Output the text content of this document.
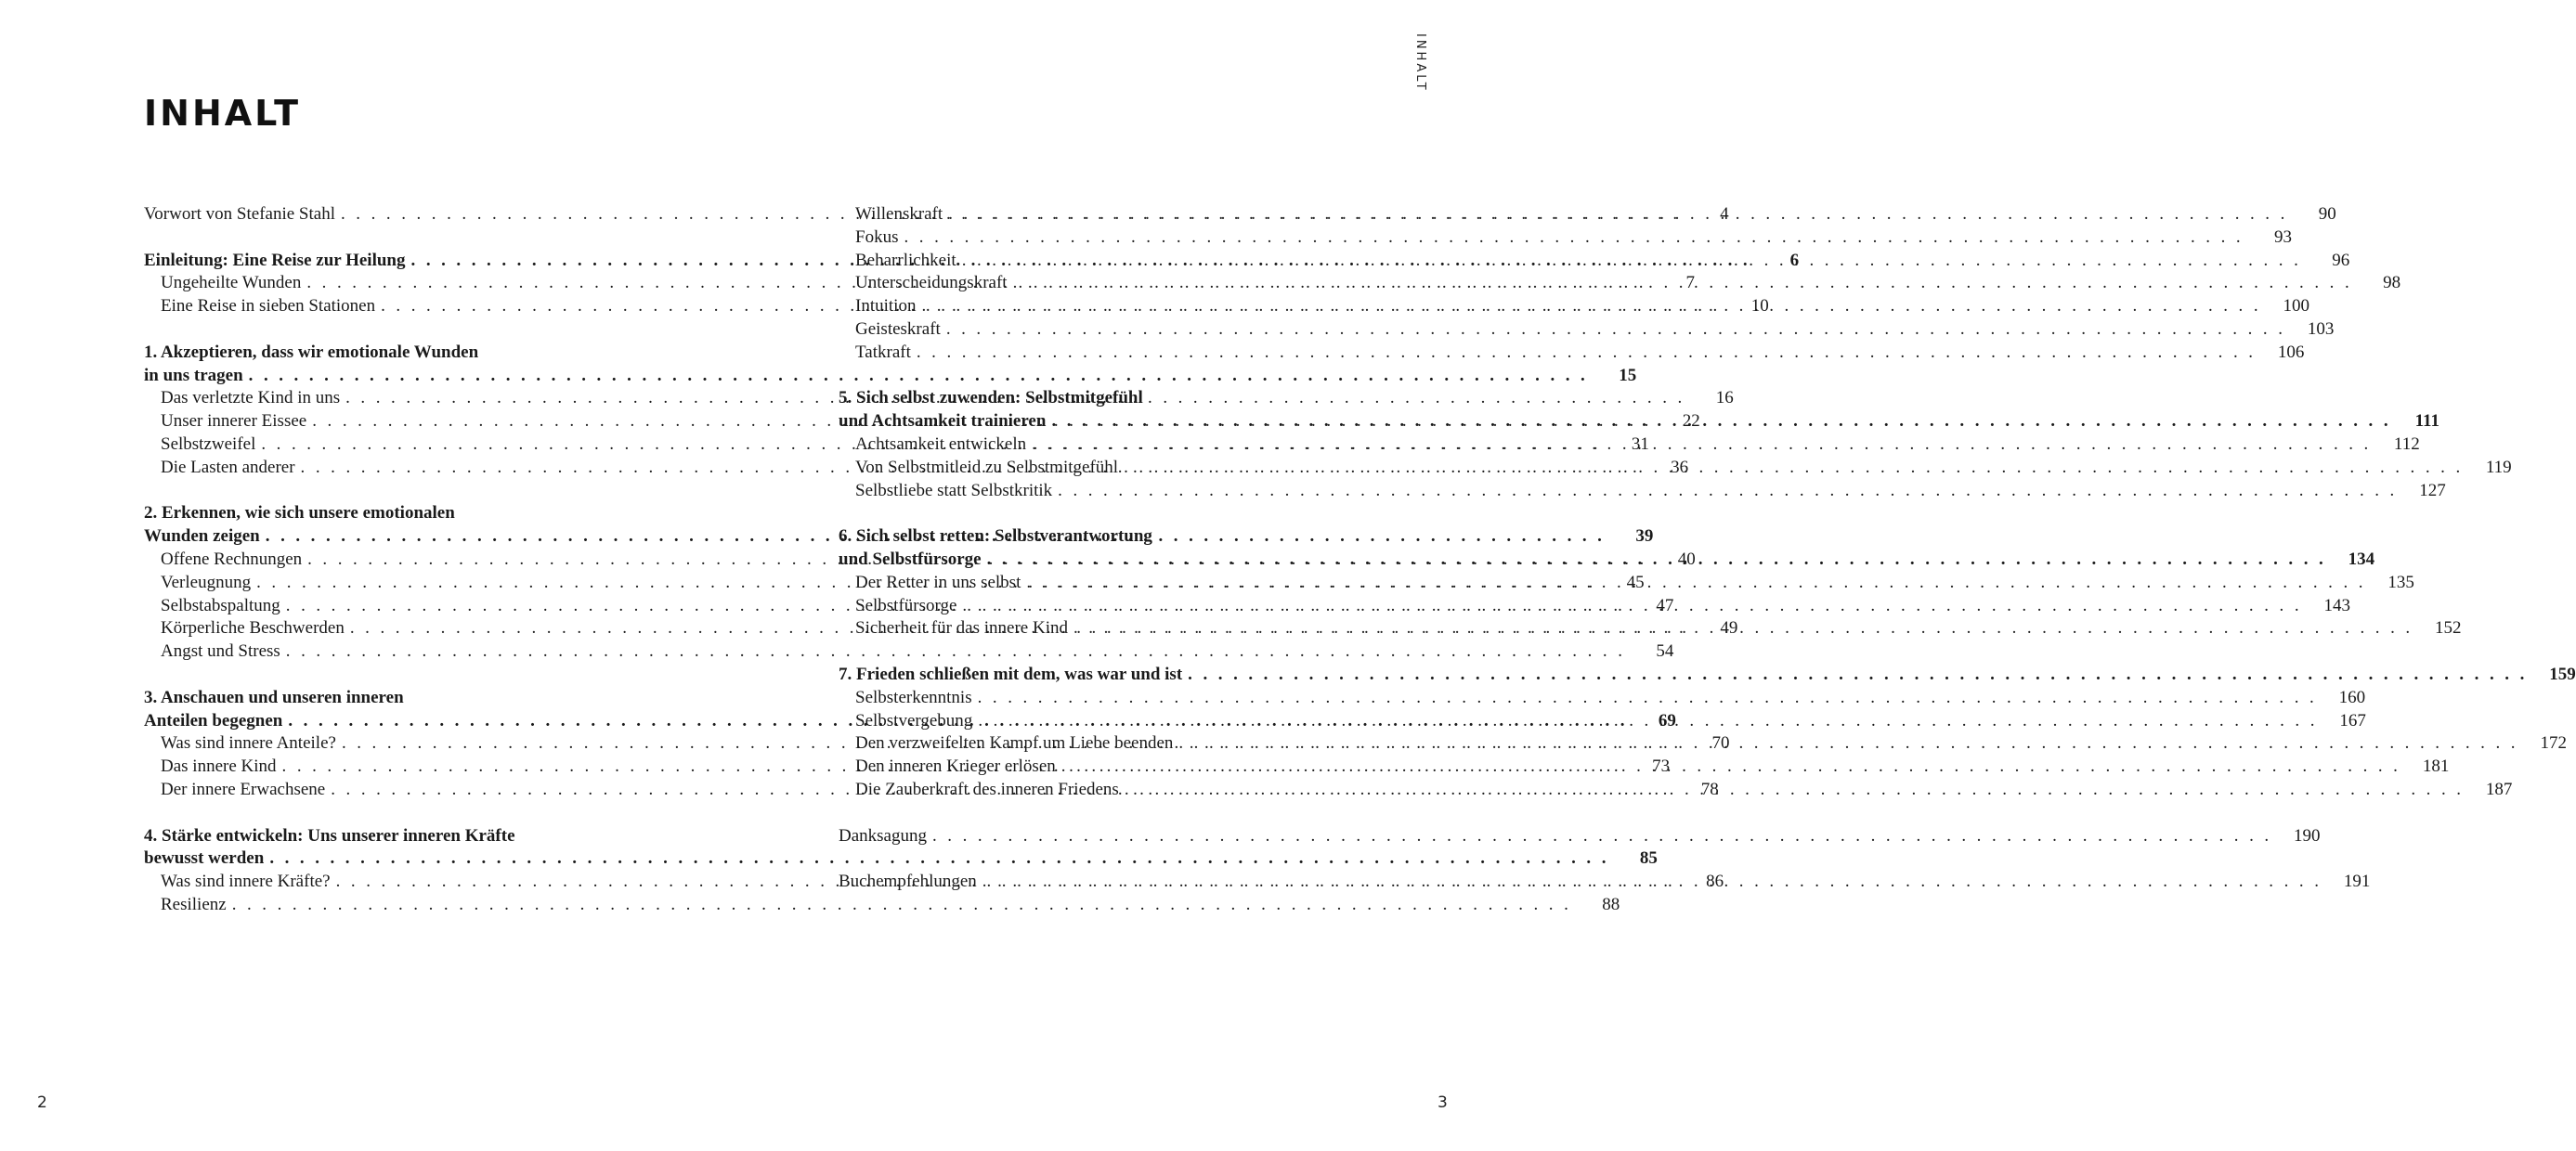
INHALT

INHALT

Vorwort von Stefanie Stahl . . .	4
Einleitung: Eine Reise zur Heilung . . .	6
Ungeheilte Wunden . . .	7
Eine Reise in sieben Stationen . . .	10
1. Akzeptieren, dass wir emotionale Wunden
in uns tragen . . .	15
Das verletzte Kind in uns . . .	16
Unser innerer Eissee . . .	22
Selbstzweifel . . .	31
Die Lasten anderer . . .	36
2. Erkennen, wie sich unsere emotionalen
Wunden zeigen . . .	39
Offene Rechnungen . . .	40
Verleugnung . . .	45
Selbstabspaltung . . .	47
Körperliche Beschwerden . . .	49
Angst und Stress . . .	54
3. Anschauen und unseren inneren
Anteilen begegnen . . .	69
Was sind innere Anteile? . . .	70
Das innere Kind . . .	73
Der innere Erwachsene . . .	78
4. Stärke entwickeln: Uns unserer inneren Kräfte
bewusst werden . . .	85
Was sind innere Kräfte? . . .	86
Resilienz . . .	88
Willenskraft . . .	90
Fokus . . .	93
Beharrlichkeit . . .	96
Unterscheidungskraft . . .	98
Intuition . . .	100
Geisteskraft . . .	103
Tatkraft . . .	106
5. Sich selbst zuwenden: Selbstmitgefühl
und Achtsamkeit trainieren . . .	111
Achtsamkeit entwickeln . . .	112
Von Selbstmitleid zu Selbstmitgefühl . . .	119
Selbstliebe statt Selbstkritik . . .	127
6. Sich selbst retten: Selbstverantwortung
und Selbstfürsorge . . .	134
Der Retter in uns selbst . . .	135
Selbstfürsorge . . .	143
Sicherheit für das innere Kind . . .	152
7. Frieden schließen mit dem, was war und ist . . .	159
Selbsterkenntnis . . .	160
Selbstvergebung . . .	167
Den verzweifelten Kampf um Liebe beenden . . .	172
Den inneren Krieger erlösen . . .	181
Die Zauberkraft des inneren Friedens . . .	187
Danksagung . . .	190
Buchempfehlungen . . .	191

2	3
